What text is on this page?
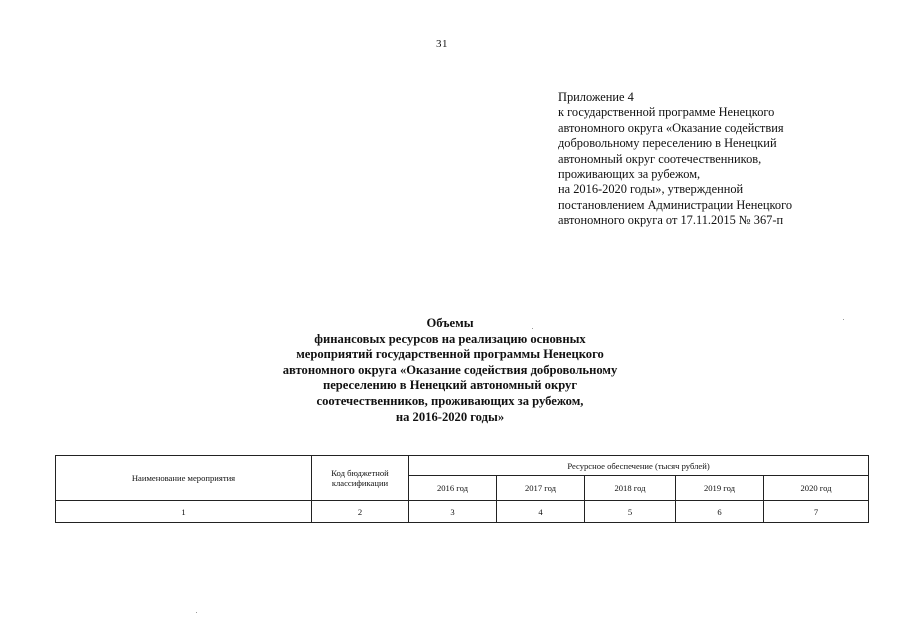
31
Приложение 4
к государственной программе Ненецкого
автономного округа «Оказание содействия
добровольному переселению в Ненецкий
автономный округ соотечественников,
проживающих за рубежом,
на 2016-2020 годы», утвержденной
постановлением Администрации Ненецкого
автономного округа от 17.11.2015 № 367-п
Объемы
финансовых ресурсов на реализацию основных
мероприятий государственной программы Ненецкого
автономного округа «Оказание содействия добровольному
переселению в Ненецкий автономный округ
соотечественников, проживающих за рубежом,
на 2016-2020 годы»
Наименование мероприятия	Код бюджетной классификации	Ресурсное обеспечение (тысяч рублей)				
		2016 год	2017 год	2018 год	2019 год	2020 год
1	2	3	4	5	6	7
